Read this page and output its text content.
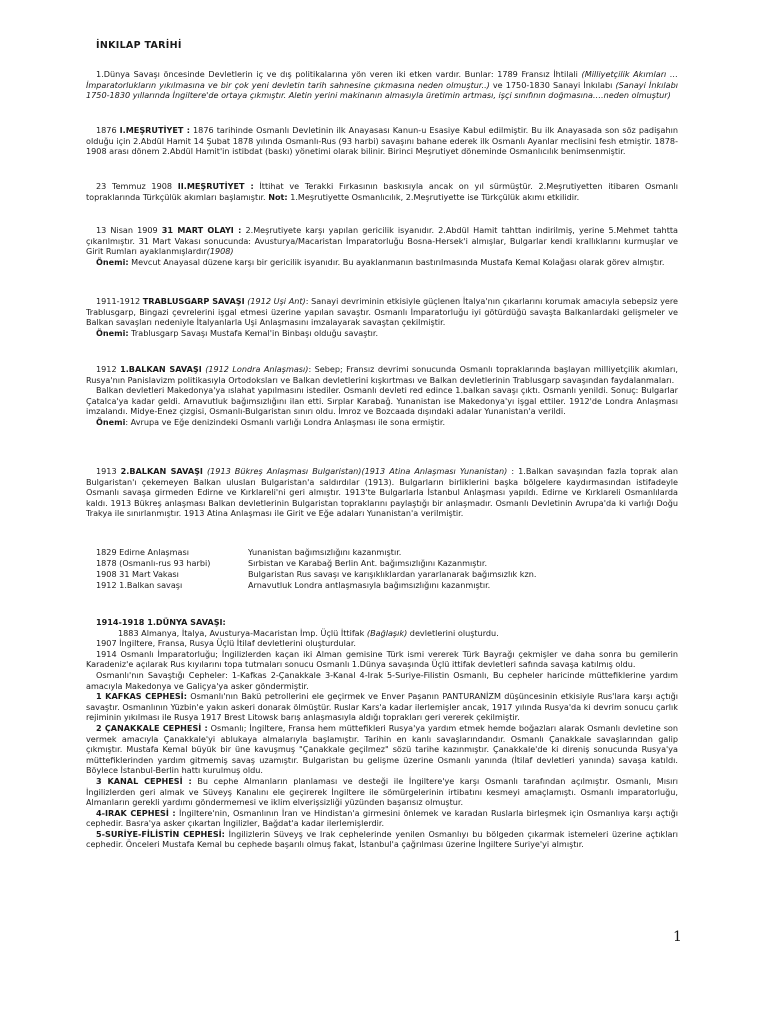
İNKILAP TARİHİ

1.Dünya Savaşı öncesinde Devletlerin iç ve dış politikalarına yön veren iki etken vardır. Bunlar: 1789 Fransız İhtilali (Milliyetçilik Akımları …İmparatorlukların yıkılmasına ve bir çok yeni devletin tarih sahnesine çıkmasına neden olmuştur..) ve 1750-1830 Sanayi İnkılabı (Sanayi İnkılabı 1750-1830 yıllarında İngiltere'de ortaya çıkmıştır. Aletin yerini makinanın almasıyla üretimin artması, işçi sınıfının doğmasına….neden olmuştur)

1876 I.MEŞRUTİYET : 1876 tarihinde Osmanlı Devletinin ilk Anayasası Kanun-u Esasiye Kabul edilmiştir. Bu ilk Anayasada son söz padişahın olduğu için 2.Abdül Hamit 14 Şubat 1878 yılında Osmanlı-Rus (93 harbi) savaşını bahane ederek ilk Osmanlı Ayanlar meclisini fesh etmiştir. 1878-1908 arası dönem 2.Abdül Hamit'in istibdat (baskı) yönetimi olarak bilinir. Birinci Meşrutiyet döneminde Osmanlıcılık benimsenmiştir.

23 Temmuz 1908 II.MEŞRUTİYET : İttihat ve Terakki Fırkasının baskısıyla ancak on yıl sürmüştür. 2.Meşrutiyetten itibaren Osmanlı topraklarında Türkçülük akımları başlamıştır. Not: 1.Meşrutiyette Osmanlıcılık, 2.Meşrutiyette ise Türkçülük akımı etkilidir.

13 Nisan 1909 31 MART OLAYI : 2.Meşrutiyete karşı yapılan gericilik isyanıdır. 2.Abdül Hamit tahttan indirilmiş, yerine 5.Mehmet tahtta çıkarılmıştır. 31 Mart Vakası sonucunda: Avusturya/Macaristan İmparatorluğu Bosna-Hersek'i almışlar, Bulgarlar kendi krallıklarını kurmuşlar ve Girit Rumları ayaklanmışlardır(1908)

Önemi: Mevcut Anayasal düzene karşı bir gericilik isyanıdır. Bu ayaklanmanın bastırılmasında Mustafa Kemal Kolağası olarak görev almıştır.

1911-1912 TRABLUSGARP SAVAŞI (1912 Uşi Ant): Sanayi devriminin etkisiyle güçlenen İtalya'nın çıkarlarını korumak amacıyla sebepsiz yere Trablusgarp, Bingazi çevrelerini işgal etmesi üzerine yapılan savaştır. Osmanlı İmparatorluğu iyi götürdüğü savaşta Balkanlardaki gelişmeler ve Balkan savaşları nedeniyle İtalyanlarla Uşi Anlaşmasını imzalayarak savaştan çekilmiştir.

Önemi: Trablusgarp Savaşı Mustafa Kemal'in Binbaşı olduğu savaştır.

1912 1.BALKAN SAVAŞI (1912 Londra Anlaşması): Sebep; Fransız devrimi sonucunda Osmanlı topraklarında başlayan milliyetçilik akımları, Rusya'nın Panislavizm politikasıyla Ortodoksları ve Balkan devletlerini kışkırtması ve Balkan devletlerinin Trablusgarp savaşından faydalanmaları.

Balkan devletleri Makedonya'ya ıslahat yapılmasını istediler. Osmanlı devleti red edince 1.balkan savaşı çıktı. Osmanlı yenildi. Sonuç: Bulgarlar Çatalca'ya kadar geldi. Arnavutluk bağımsızlığını ilan etti. Sırplar Karabağ. Yunanistan ise Makedonya'yı işgal ettiler. 1912'de Londra Anlaşması imzalandı. Midye-Enez çizgisi, Osmanlı-Bulgaristan sınırı oldu. İmroz ve Bozcaada dışındaki adalar Yunanistan'a verildi.

Önemi: Avrupa ve Eğe denizindeki Osmanlı varlığı Londra Anlaşması ile sona ermiştir.

1913 2.BALKAN SAVAŞI (1913 Bükreş Anlaşması Bulgaristan)(1913 Atina Anlaşması Yunanistan) : 1.Balkan savaşından fazla toprak alan Bulgaristan'ı çekemeyen Balkan ulusları Bulgaristan'a saldırdılar (1913). Bulgarların birliklerini başka bölgelere kaydırmasından istifadeyle Osmanlı savaşa girmeden Edirne ve Kırklareli'ni geri almıştır. 1913'te Bulgarlarla İstanbul Anlaşması yapıldı. Edirne ve Kırklareli Osmanlılarda kaldı. 1913 Bükreş anlaşması Balkan devletlerinin Bulgaristan topraklarını paylaştığı bir anlaşmadır. Osmanlı Devletinin Avrupa'da ki varlığı Doğu Trakya ile sınırlanmıştır. 1913 Atina Anlaşması ile Girit ve Eğe adaları Yunanistan'a verilmiştir.

1829 Edirne Anlaşması	Yunanistan bağımsızlığını kazanmıştır.
1878 (Osmanlı-rus 93 harbi)	Sırbistan ve Karabağ Berlin Ant. bağımsızlığını Kazanmıştır.
1908 31 Mart Vakası	Bulgaristan Rus savaşı ve karışıklıklardan yararlanarak bağımsızlık kzn.
1912 1.Balkan savaşı	Arnavutluk Londra antlaşmasıyla bağımsızlığını kazanmıştır.

1914-1918 1.DÜNYA SAVAŞI:

1883 Almanya, İtalya, Avusturya-Macaristan İmp. Üçlü İttifak (Bağlaşık) devletlerini oluşturdu.

1907 İngiltere, Fransa, Rusya Üçlü İtilaf devletlerini oluşturdular.

1914 Osmanlı İmparatorluğu; İngilizlerden kaçan iki Alman gemisine Türk ismi vererek Türk Bayrağı çekmişler ve daha sonra bu gemilerin Karadeniz'e açılarak Rus kıyılarını topa tutmaları sonucu Osmanlı 1.Dünya savaşında Üçlü ittifak devletleri safında savaşa katılmış oldu.

Osmanlı'nın Savaştığı Cepheler: 1-Kafkas 2-Çanakkale 3-Kanal 4-Irak 5-Suriye-Filistin Osmanlı, Bu cepheler haricinde müttefiklerine yardım amacıyla Makedonya ve Galiçya'ya asker göndermiştir.

1 KAFKAS CEPHESİ: Osmanlı'nın Bakü petrollerini ele geçirmek ve Enver Paşanın PANTURANİZM düşüncesinin etkisiyle Rus'lara karşı açtığı savaştır. Osmanlının Yüzbin'e yakın askeri donarak ölmüştür. Ruslar Kars'a kadar ilerlemişler ancak, 1917 yılında Rusya'da ki devrim sonucu çarlık rejiminin yıkılması ile Rusya 1917 Brest Litowsk barış anlaşmasıyla aldığı toprakları geri vererek çekilmiştir.

2 ÇANAKKALE CEPHESİ : Osmanlı; İngiltere, Fransa hem müttefikleri Rusya'ya yardım etmek hemde boğazları alarak Osmanlı devletine son vermek amacıyla Çanakkale'yi ablukaya almalarıyla başlamıştır. Tarihin en kanlı savaşlarındandır. Osmanlı Çanakkale savaşlarından galip çıkmıştır. Mustafa Kemal büyük bir üne kavuşmuş "Çanakkale geçilmez" sözü tarihe kazınmıştır. Çanakkale'de ki direniş sonucunda Rusya'ya müttefiklerinden yardım gitmemiş savaş uzamıştır. Bulgaristan bu gelişme üzerine Osmanlı yanında (İtilaf devletleri yanında) savaşa katıldı. Böylece İstanbul-Berlin hattı kurulmuş oldu.

3 KANAL CEPHESİ : Bu cephe Almanların planlaması ve desteği ile İngiltere'ye karşı Osmanlı tarafından açılmıştır. Osmanlı, Mısırı İngilizlerden geri almak ve Süveyş Kanalını ele geçirerek İngiltere ile sömürgelerinin irtibatını kesmeyi amaçlamıştı. Osmanlı imparatorluğu, Almanların gerekli yardımı göndermemesi ve iklim elverişsizliği yüzünden başarısız olmuştur.

4-IRAK CEPHESİ : İngiltere'nin, Osmanlının İran ve Hindistan'a girmesini önlemek ve karadan Ruslarla birleşmek için Osmanlıya karşı açtığı cephedir. Basra'ya asker çıkartan İngilizler, Bağdat'a kadar ilerlemişlerdir.

5-SURİYE-FİLİSTİN CEPHESİ: İngilizlerin Süveyş ve Irak cephelerinde yenilen Osmanlıyı bu bölgeden çıkarmak istemeleri üzerine açtıkları cephedir. Önceleri Mustafa Kemal bu cephede başarılı olmuş fakat, İstanbul'a çağrılması üzerine İngiltere Suriye'yi almıştır.

1
